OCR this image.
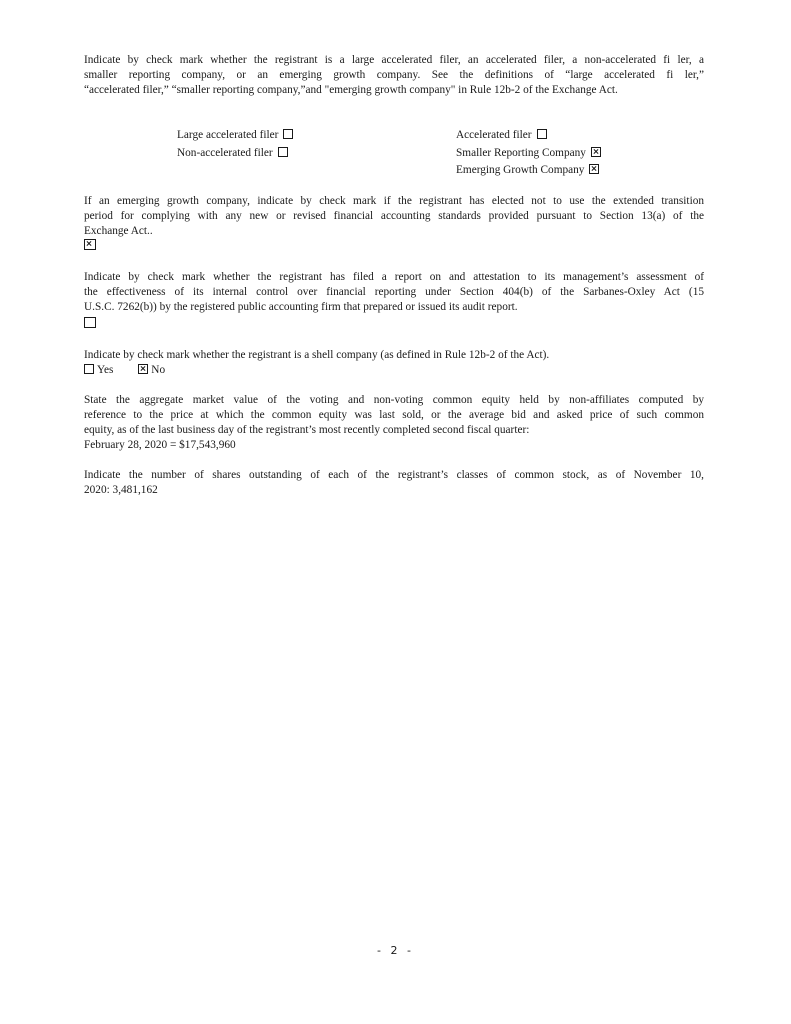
Indicate by check mark whether the registrant is a large accelerated filer, an accelerated filer, a non-accelerated fi ler, a
smaller reporting company, or an emerging growth company. See the definitions of “large accelerated fi ler,”
“accelerated filer,” “smaller reporting company,”and "emerging growth company" in Rule 12b-2 of the Exchange Act.
Large accelerated filer
Non-accelerated filer
Accelerated filer
Smaller Reporting Company
Emerging Growth Company
If an emerging growth company, indicate by check mark if the registrant has elected not to use the extended transition
period for complying with any new or revised financial accounting standards provided pursuant to Section 13(a) of the
Exchange Act..
Indicate by check mark whether the registrant has filed a report on and attestation to its management’s assessment of
the effectiveness of its internal control over financial reporting under Section 404(b) of the Sarbanes-Oxley Act (15
U.S.C. 7262(b)) by the registered public accounting firm that prepared or issued its audit report.
Indicate by check mark whether the registrant is a shell company (as defined in Rule 12b-2 of the Act).
Yes	No
State the aggregate market value of the voting and non-voting common equity held by non-affiliates computed by
reference to the price at which the common equity was last sold, or the average bid and asked price of such common
equity, as of the last business day of the registrant’s most recently completed second fiscal quarter:
February 28, 2020 = $17,543,960
Indicate the number of shares outstanding of each of the registrant’s classes of common stock, as of November 10,
2020: 3,481,162
- 2 -
